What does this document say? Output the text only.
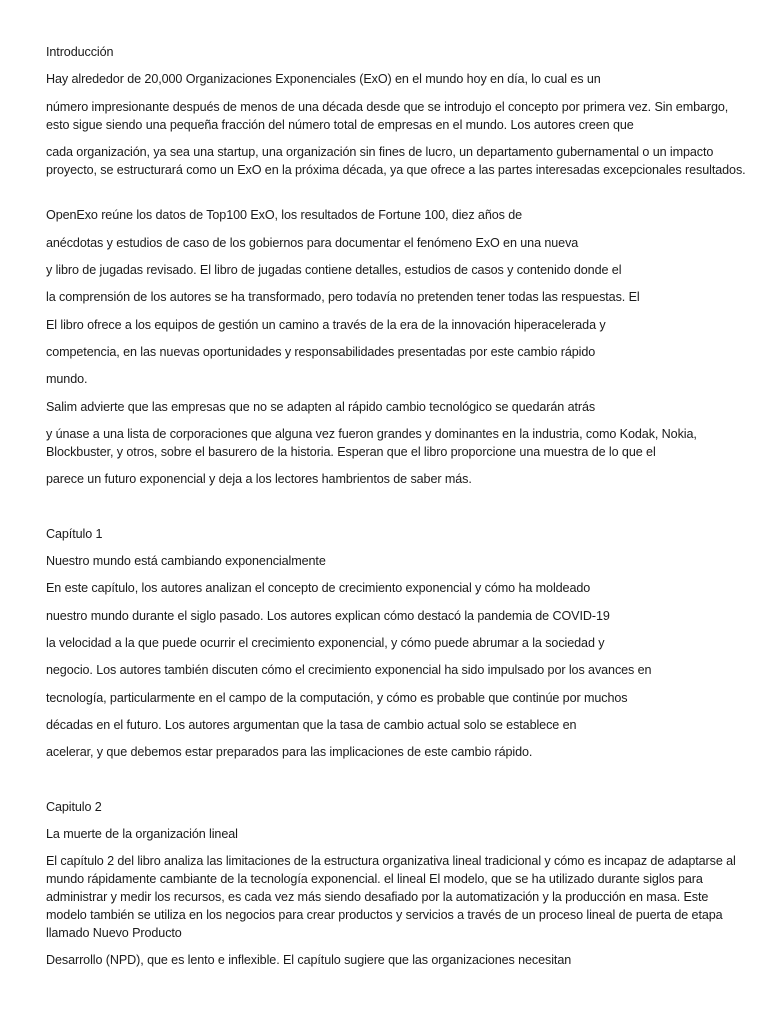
Introducción

Hay alrededor de 20,000 Organizaciones Exponenciales (ExO) en el mundo hoy en día, lo cual es un

número impresionante después de menos de una década desde que se introdujo el concepto por primera vez. Sin embargo, esto sigue siendo una pequeña fracción del número total de empresas en el mundo. Los autores creen que

cada organización, ya sea una startup, una organización sin fines de lucro, un departamento gubernamental o un impacto proyecto, se estructurará como un ExO en la próxima década, ya que ofrece a las partes interesadas excepcionales resultados.

OpenExo reúne los datos de Top100 ExO, los resultados de Fortune 100, diez años de

anécdotas y estudios de caso de los gobiernos para documentar el fenómeno ExO en una nueva

y libro de jugadas revisado. El libro de jugadas contiene detalles, estudios de casos y contenido donde el

la comprensión de los autores se ha transformado, pero todavía no pretenden tener todas las respuestas. El

El libro ofrece a los equipos de gestión un camino a través de la era de la innovación hiperacelerada y

competencia, en las nuevas oportunidades y responsabilidades presentadas por este cambio rápido

mundo.

Salim advierte que las empresas que no se adapten al rápido cambio tecnológico se quedarán atrás

y únase a una lista de corporaciones que alguna vez fueron grandes y dominantes en la industria, como Kodak, Nokia, Blockbuster, y otros, sobre el basurero de la historia. Esperan que el libro proporcione una muestra de lo que el

parece un futuro exponencial y deja a los lectores hambrientos de saber más.

Capítulo 1

Nuestro mundo está cambiando exponencialmente

En este capítulo, los autores analizan el concepto de crecimiento exponencial y cómo ha moldeado

nuestro mundo durante el siglo pasado. Los autores explican cómo destacó la pandemia de COVID-19

la velocidad a la que puede ocurrir el crecimiento exponencial, y cómo puede abrumar a la sociedad y

negocio. Los autores también discuten cómo el crecimiento exponencial ha sido impulsado por los avances en

tecnología, particularmente en el campo de la computación, y cómo es probable que continúe por muchos

décadas en el futuro. Los autores argumentan que la tasa de cambio actual solo se establece en

acelerar, y que debemos estar preparados para las implicaciones de este cambio rápido.

Capitulo 2

La muerte de la organización lineal

El capítulo 2 del libro analiza las limitaciones de la estructura organizativa lineal tradicional y cómo es incapaz de adaptarse al mundo rápidamente cambiante de la tecnología exponencial. el lineal El modelo, que se ha utilizado durante siglos para administrar y medir los recursos, es cada vez más siendo desafiado por la automatización y la producción en masa. Este modelo también se utiliza en los negocios para crear productos y servicios a través de un proceso lineal de puerta de etapa llamado Nuevo Producto

Desarrollo (NPD), que es lento e inflexible. El capítulo sugiere que las organizaciones necesitan
